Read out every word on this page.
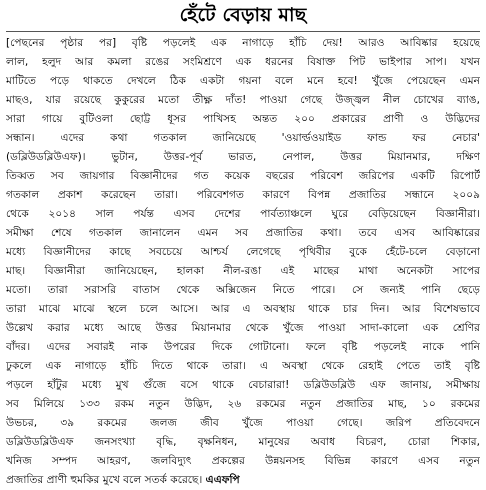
হেঁটে বেড়ায় মাছ
[পেছনের পৃষ্ঠার পর] বৃষ্টি পড়লেই এক নাগাড়ে হাঁচি দেয়! আরও আবিষ্কার হয়েছে
লাল, হলুদ আর কমলা রঙের সংমিশ্রণে এক ধরনের বিষাক্ত পিট ভাইপার সাপ। যখন
মাটিতে পড়ে থাকতে দেখলে ঠিক একটা গয়না বলে মনে হবে! খুঁজে পেয়েছেন এমন
মাছও, যার রয়েছে কুকুরের মতো তীক্ষ্ণ দাঁত! পাওয়া গেছে উজ্জ্বল নীল চোখের ব্যাঙ,
সারা গায়ে বুটিওলা ছোট্ট ধূসর পাখিসহ অন্তত ২০০ প্রকারের প্রাণী ও উদ্ভিদের
সন্ধান। এদের কথা গতকাল জানিয়েছে 'ওয়ার্ল্ডওয়াইড ফান্ড ফর নেচার'
(ডব্লিউডব্লিউএফ)। ভুটান, উত্তর-পূর্ব ভারত, নেপাল, উত্তর মিয়ানমার, দক্ষিণ
তিব্বত সব জায়গার বিজ্ঞানীদের গত কয়েক বছরের পরিবেশ জরিপের একটি রিপোর্ট
গতকাল প্রকাশ করেছেন তারা। পরিবেশগত কারণে বিপন্ন প্রজাতির সন্ধানে ২০০৯
থেকে ২০১৪ সাল পর্যন্ত এসব দেশের পার্বত্যাঞ্চলে ঘুরে বেড়িয়েছেন বিজ্ঞানীরা।
সমীক্ষা শেষে গতকাল জানালেন এমন সব প্রজাতির কথা। তবে এসব আবিষ্কারের
মধ্যে বিজ্ঞানীদের কাছে সবচেয়ে আশ্চর্য লেগেছে পৃথিবীর বুকে হেঁটে-চলে বেড়ানো
মাছ। বিজ্ঞানীরা জানিয়েছেন, হালকা নীল-রঙা এই মাছের মাথা অনেকটা সাপের
মতো। তারা সরাসরি বাতাস থেকে অক্সিজেন নিতে পারে। সে জন্যই পানি ছেড়ে
তারা মাঝে মাঝে স্থলে চলে আসে। আর এ অবস্থায় থাকে চার দিন। আর বিশেষভাবে
উল্লেখ করার মধ্যে আছে উত্তর মিয়ানমার থেকে খুঁজে পাওয়া সাদা-কালো এক শ্রেণির
বাঁদর। এদের সবারই নাক উপরের দিকে গোটানো। ফলে বৃষ্টি পড়লেই নাকে পানি
ঢুকলে এক নাগাড়ে হাঁচি দিতে থাকে তারা। এ অবস্থা থেকে রেহাই পেতে তাই বৃষ্টি
পড়লে হাঁটুর মধ্যে মুখ গুঁজে বসে থাকে বেচারারা! ডব্লিউডব্লিউ এফ জানায়, সমীক্ষায়
সব মিলিয়ে ১৩৩ রকম নতুন উদ্ভিদ, ২৬ রকমের নতুন প্রজাতির মাছ, ১০ রকমের
উভচর, ৩৯ রকমের জলজ জীব খুঁজে পাওয়া গেছে। জরিপ প্রতিবেদনে
ডব্লিউডব্লিউএফ জনসংখ্যা বৃদ্ধি, বৃক্ষনিধন, মানুষের অবাধ বিচরণ, চোরা শিকার,
খনিজ সম্পদ আহরণ, জলবিদ্যুৎ প্রকল্পের উন্নয়নসহ বিভিন্ন কারণে এসব নতুন
প্রজাতির প্রাণী হুমকির মুখে বলে সতর্ক করেছে। এএফপি
